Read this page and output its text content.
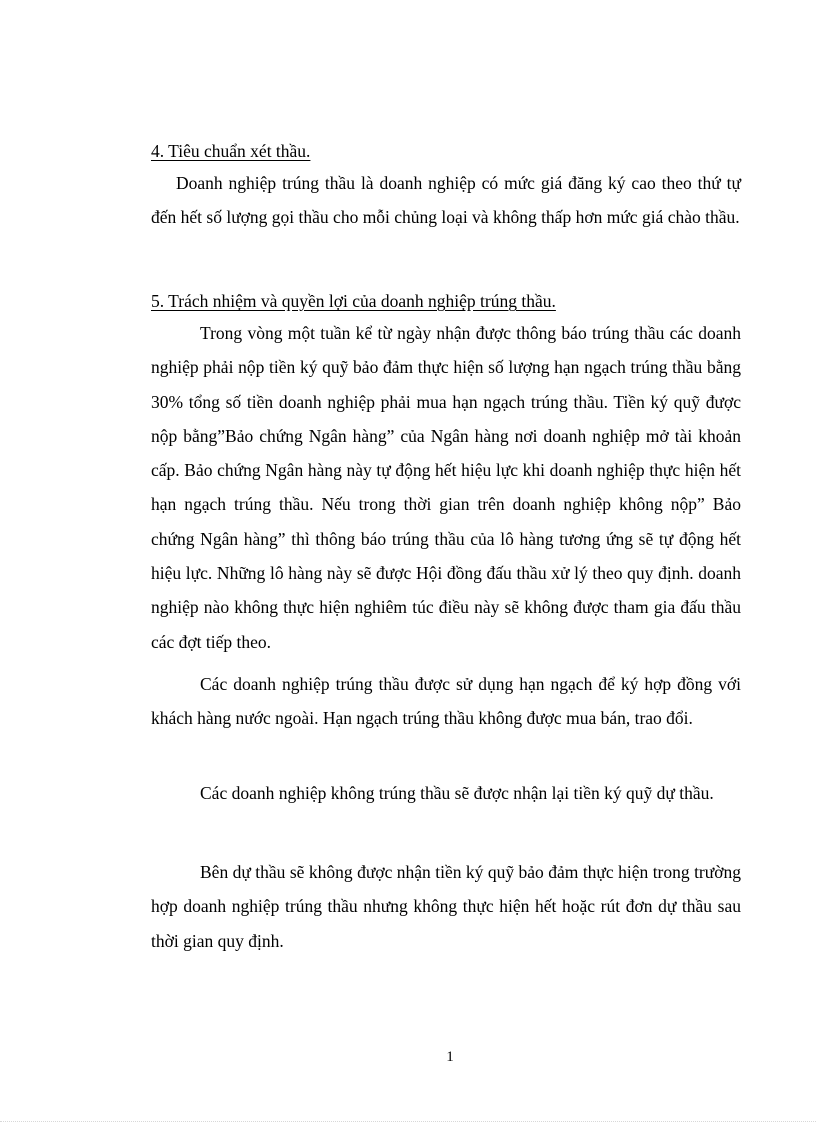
4. Tiêu chuẩn xét thầu.

Doanh nghiệp trúng thầu là doanh nghiệp có mức giá đăng ký cao theo thứ tự đến hết số lượng gọi thầu cho mỗi chủng loại và không thấp hơn mức giá chào thầu.

5. Trách nhiệm và quyền lợi của doanh nghiệp trúng thầu.

Trong vòng một tuần kể từ ngày nhận được thông báo trúng thầu các doanh nghiệp phải nộp tiền ký quỹ bảo đảm thực hiện số lượng hạn ngạch trúng thầu bằng 30% tổng số tiền doanh nghiệp phải mua hạn ngạch trúng thầu. Tiền ký quỹ được nộp bằng”Bảo chứng Ngân hàng” của Ngân hàng nơi doanh nghiệp mở tài khoản cấp. Bảo chứng Ngân hàng này tự động hết hiệu lực khi doanh nghiệp thực hiện hết hạn ngạch trúng thầu. Nếu trong thời gian trên doanh nghiệp không nộp” Bảo chứng Ngân hàng” thì thông báo trúng thầu của lô hàng tương ứng sẽ tự động hết hiệu lực. Những lô hàng này sẽ được Hội đồng đấu thầu xử lý theo quy định. doanh nghiệp nào không thực hiện nghiêm túc điều này sẽ không được tham gia đấu thầu các đợt tiếp theo.

Các doanh nghiệp trúng thầu được sử dụng hạn ngạch để ký hợp đồng với khách hàng nước ngoài. Hạn ngạch trúng thầu không được mua bán, trao đổi.

Các doanh nghiệp không trúng thầu sẽ được nhận lại tiền ký quỹ dự thầu.

Bên dự thầu sẽ không được nhận tiền ký quỹ bảo đảm thực hiện trong trường hợp doanh nghiệp trúng thầu nhưng không thực hiện hết hoặc rút đơn dự thầu sau thời gian quy định.

1
